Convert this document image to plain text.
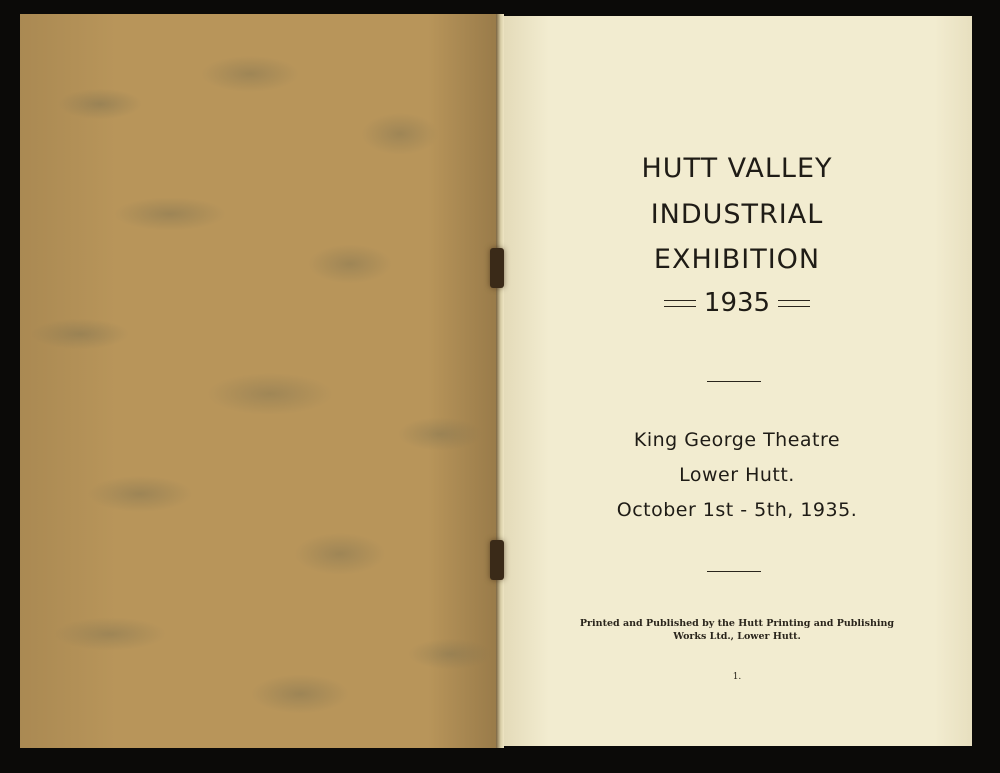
HUTT VALLEY
INDUSTRIAL
EXHIBITION
1935
King George Theatre
Lower Hutt.
October 1st - 5th, 1935.
Printed and Published by the Hutt Printing and Publishing
Works Ltd., Lower Hutt.
1.
